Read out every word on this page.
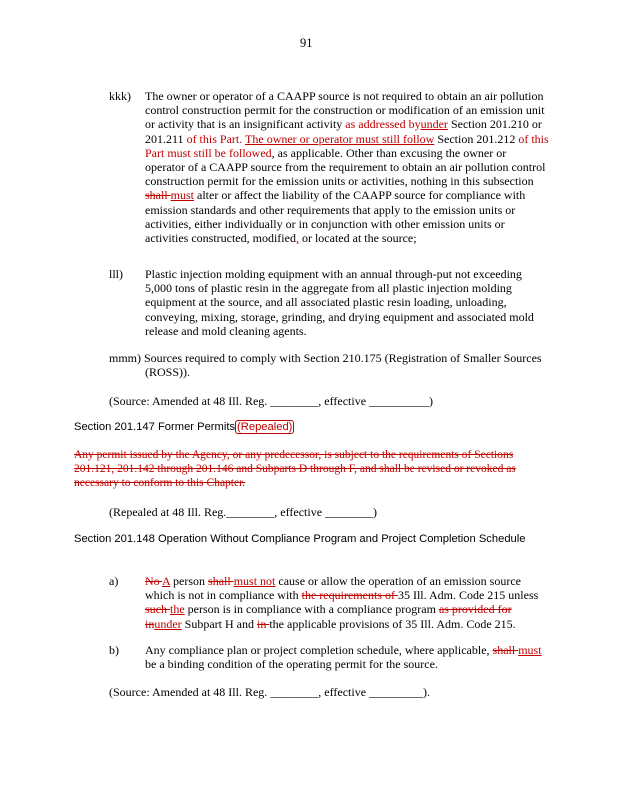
91
kkk) The owner or operator of a CAAPP source is not required to obtain an air pollution control construction permit for the construction or modification of an emission unit or activity that is an insignificant activity as addressed byunder Section 201.210 or 201.211 of this Part. The owner or operator must still follow Section 201.212 of this Part must still be followed, as applicable. Other than excusing the owner or operator of a CAAPP source from the requirement to obtain an air pollution control construction permit for the emission units or activities, nothing in this subsection shall must alter or affect the liability of the CAAPP source for compliance with emission standards and other requirements that apply to the emission units or activities, either individually or in conjunction with other emission units or activities constructed, modified, or located at the source;
lll) Plastic injection molding equipment with an annual through-put not exceeding 5,000 tons of plastic resin in the aggregate from all plastic injection molding equipment at the source, and all associated plastic resin loading, unloading, conveying, mixing, storage, grinding, and drying equipment and associated mold release and mold cleaning agents.
mmm) Sources required to comply with Section 210.175 (Registration of Smaller Sources (ROSS)).
(Source: Amended at 48 Ill. Reg. ________, effective __________)
Section 201.147 Former Permits (Repealed)
Any permit issued by the Agency, or any predecessor, is subject to the requirements of Sections 201.121, 201.142 through 201.146 and Subparts D through F, and shall be revised or revoked as necessary to conform to this Chapter.
(Repealed at 48 Ill. Reg.________, effective ________)
Section 201.148 Operation Without Compliance Program and Project Completion Schedule
a) No A person shall must not cause or allow the operation of an emission source which is not in compliance with the requirements of 35 Ill. Adm. Code 215 unless such the person is in compliance with a compliance program as provided for inunder Subpart H and in the applicable provisions of 35 Ill. Adm. Code 215.
b) Any compliance plan or project completion schedule, where applicable, shall must be a binding condition of the operating permit for the source.
(Source: Amended at 48 Ill. Reg. ________, effective _________).
